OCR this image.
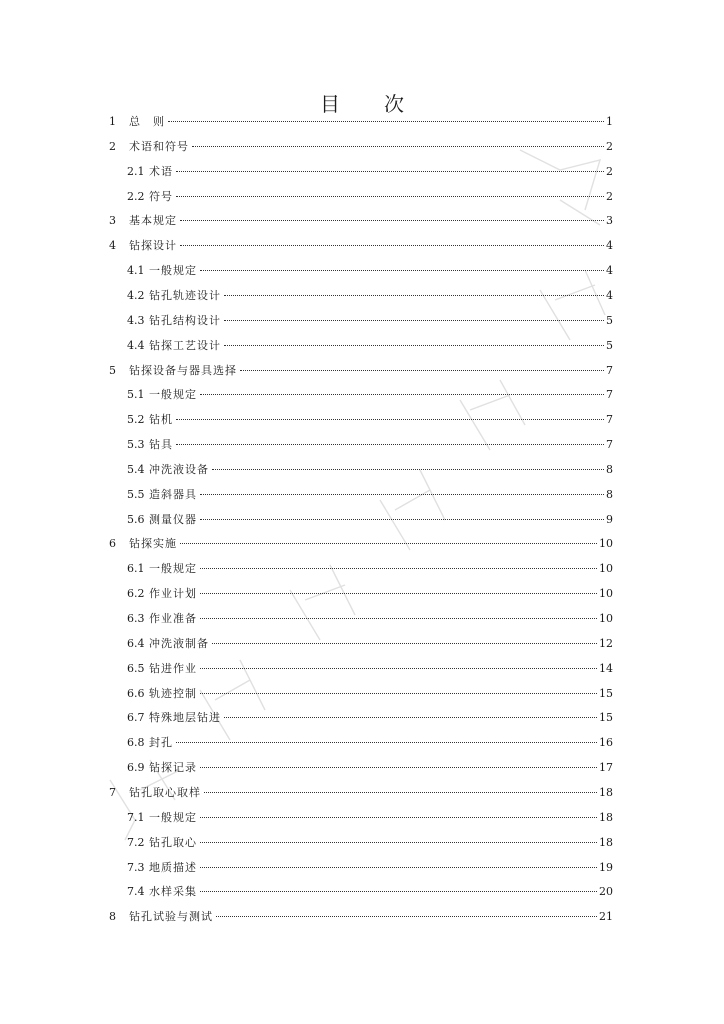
目 次
1	总　则	1
2	术语和符号	2
2.1 术语	2
2.2 符号	2
3	基本规定	3
4	钻探设计	4
4.1 一般规定	4
4.2 钻孔轨迹设计	4
4.3 钻孔结构设计	5
4.4 钻探工艺设计	5
5	钻探设备与器具选择	7
5.1 一般规定	7
5.2 钻机	7
5.3 钻具	7
5.4 冲洗液设备	8
5.5 造斜器具	8
5.6 测量仪器	9
6	钻探实施	10
6.1 一般规定	10
6.2 作业计划	10
6.3 作业准备	10
6.4 冲洗液制备	12
6.5 钻进作业	14
6.6 轨迹控制	15
6.7 特殊地层钻进	15
6.8 封孔	16
6.9 钻探记录	17
7	钻孔取心取样	18
7.1 一般规定	18
7.2 钻孔取心	18
7.3 地质描述	19
7.4 水样采集	20
8	钻孔试验与测试	21
